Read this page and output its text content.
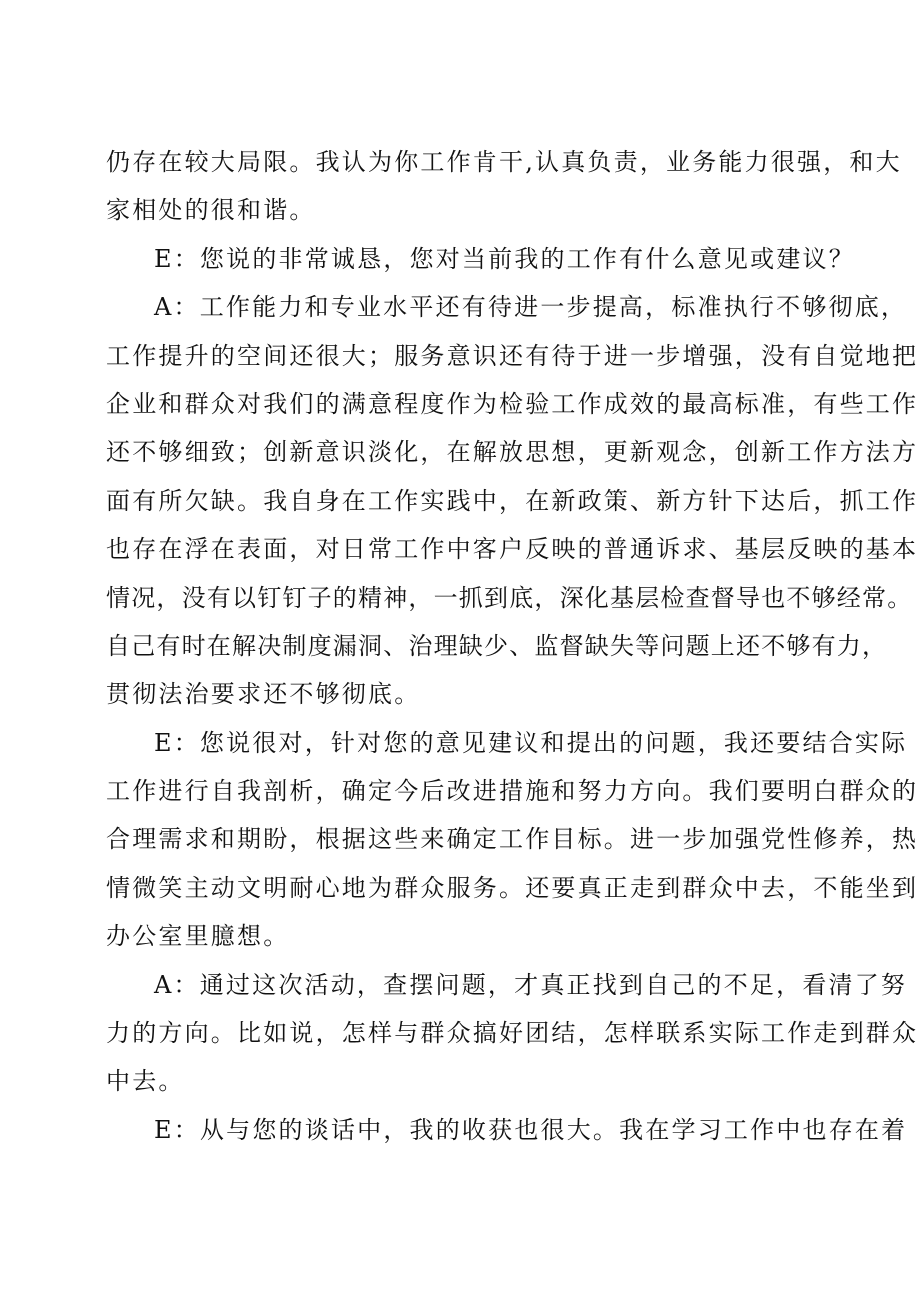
仍存在较大局限。我认为你工作肯干,认真负责，业务能力很强，和大
家相处的很和谐。
E：您说的非常诚恳，您对当前我的工作有什么意见或建议？
A：工作能力和专业水平还有待进一步提高，标准执行不够彻底，
工作提升的空间还很大；服务意识还有待于进一步增强，没有自觉地把
企业和群众对我们的满意程度作为检验工作成效的最高标准，有些工作
还不够细致；创新意识淡化，在解放思想，更新观念，创新工作方法方
面有所欠缺。我自身在工作实践中，在新政策、新方针下达后，抓工作
也存在浮在表面，对日常工作中客户反映的普通诉求、基层反映的基本
情况，没有以钉钉子的精神，一抓到底，深化基层检查督导也不够经常。
自己有时在解决制度漏洞、治理缺少、监督缺失等问题上还不够有力，
贯彻法治要求还不够彻底。
E：您说很对，针对您的意见建议和提出的问题，我还要结合实际
工作进行自我剖析，确定今后改进措施和努力方向。我们要明白群众的
合理需求和期盼，根据这些来确定工作目标。进一步加强党性修养，热
情微笑主动文明耐心地为群众服务。还要真正走到群众中去，不能坐到
办公室里臆想。
A：通过这次活动，查摆问题，才真正找到自己的不足，看清了努
力的方向。比如说，怎样与群众搞好团结，怎样联系实际工作走到群众
中去。
E：从与您的谈话中，我的收获也很大。我在学习工作中也存在着
